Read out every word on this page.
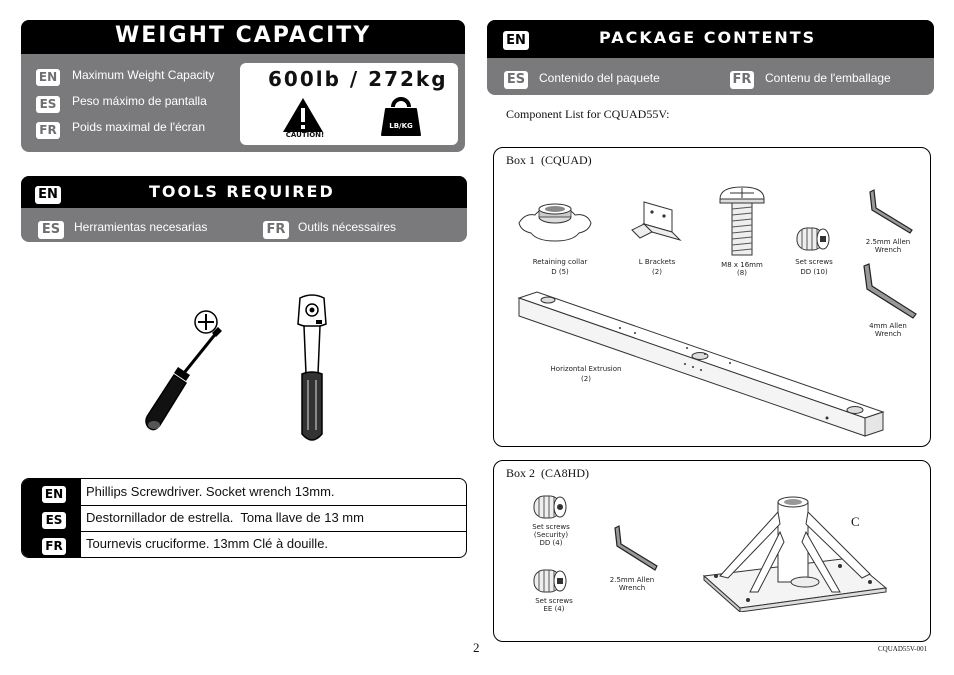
WEIGHT CAPACITY
EN Maximum Weight Capacity
ES Peso máximo de pantalla
FR Poids maximal de l'écran
600lb / 272kg
CAUTION!
LB/KG
EN	TOOLS REQUIRED
ES	Herramientas necesarias	FR Outils nécessaires
EN Phillips Screwdriver. Socket wrench 13mm.
ES Destornillador de estrella.  Toma llave de 13 mm
FR Tournevis cruciforme. 13mm Clé à douille.
EN	PACKAGE CONTENTS
ES Contenido del paquete	FR Contenu de l'emballage
Component List for CQUAD55V:
Box 1  (CQUAD)
Retaining collar
D (5)
L Brackets
(2)
M8 x 16mm
(8)
Set screws
DD (10)
2.5mm Allen
Wrench
4mm Allen
Wrench
Horizontal Extrusion
(2)
Box 2  (CA8HD)
Set screws
(Security)
DD (4)
Set screws
EE (4)
2.5mm Allen
Wrench
C
2	CQUAD55V-001
